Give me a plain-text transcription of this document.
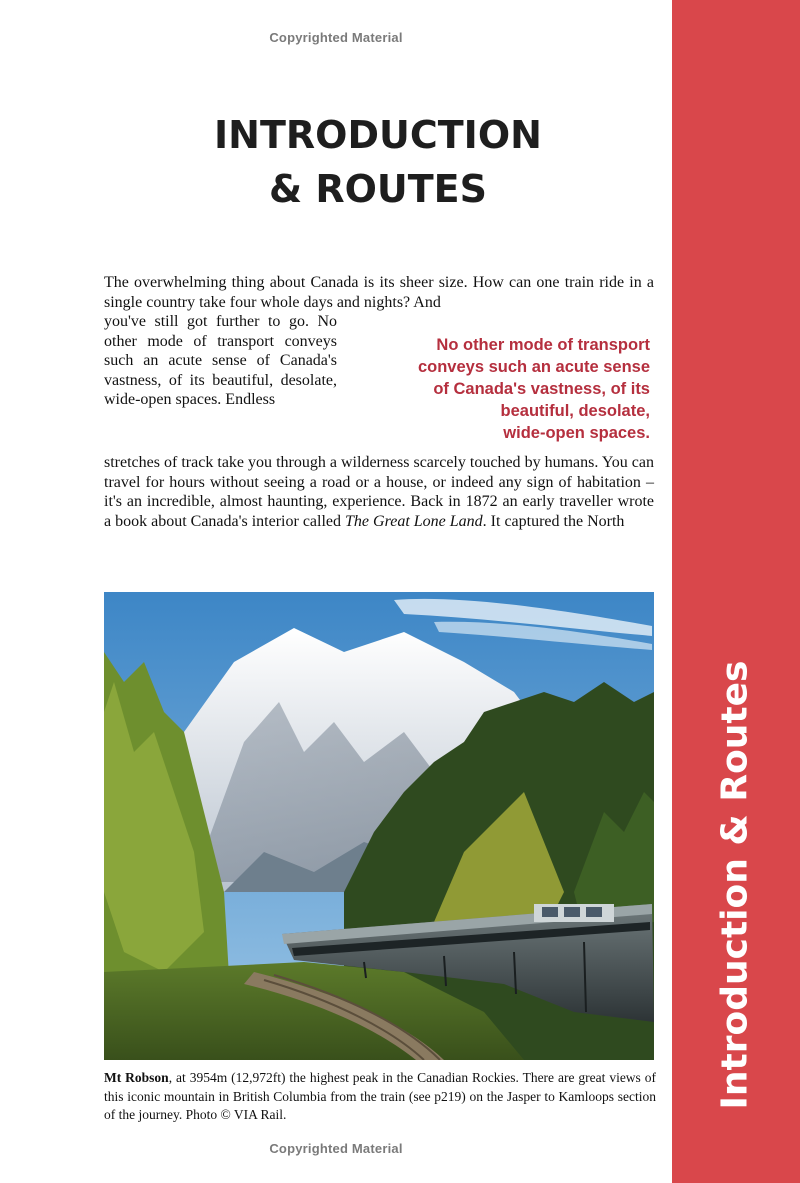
Copyrighted Material
INTRODUCTION
& ROUTES
The overwhelming thing about Canada is its sheer size. How can one train ride in a single country take four whole days and nights? And
you've still got further to go. No other mode of transport conveys such an acute sense of Canada's vastness, of its beautiful, desolate, wide-open spaces. Endless
No other mode of transport
conveys such an acute sense
of Canada's vastness, of its
beautiful, desolate,
wide-open spaces.
stretches of track take you through a wilderness scarcely touched by humans. You can travel for hours without seeing a road or a house, or indeed any sign of habitation – it's an incredible, almost haunting, experience. Back in 1872 an early traveller wrote a book about Canada's interior called The Great Lone Land. It captured the North
Mt Robson, at 3954m (12,972ft) the highest peak in the Canadian Rockies. There are great views of this iconic mountain in British Columbia from the train (see p219) on the Jasper to Kamloops section of the journey. Photo © VIA Rail.
Copyrighted Material
Introduction & Routes
